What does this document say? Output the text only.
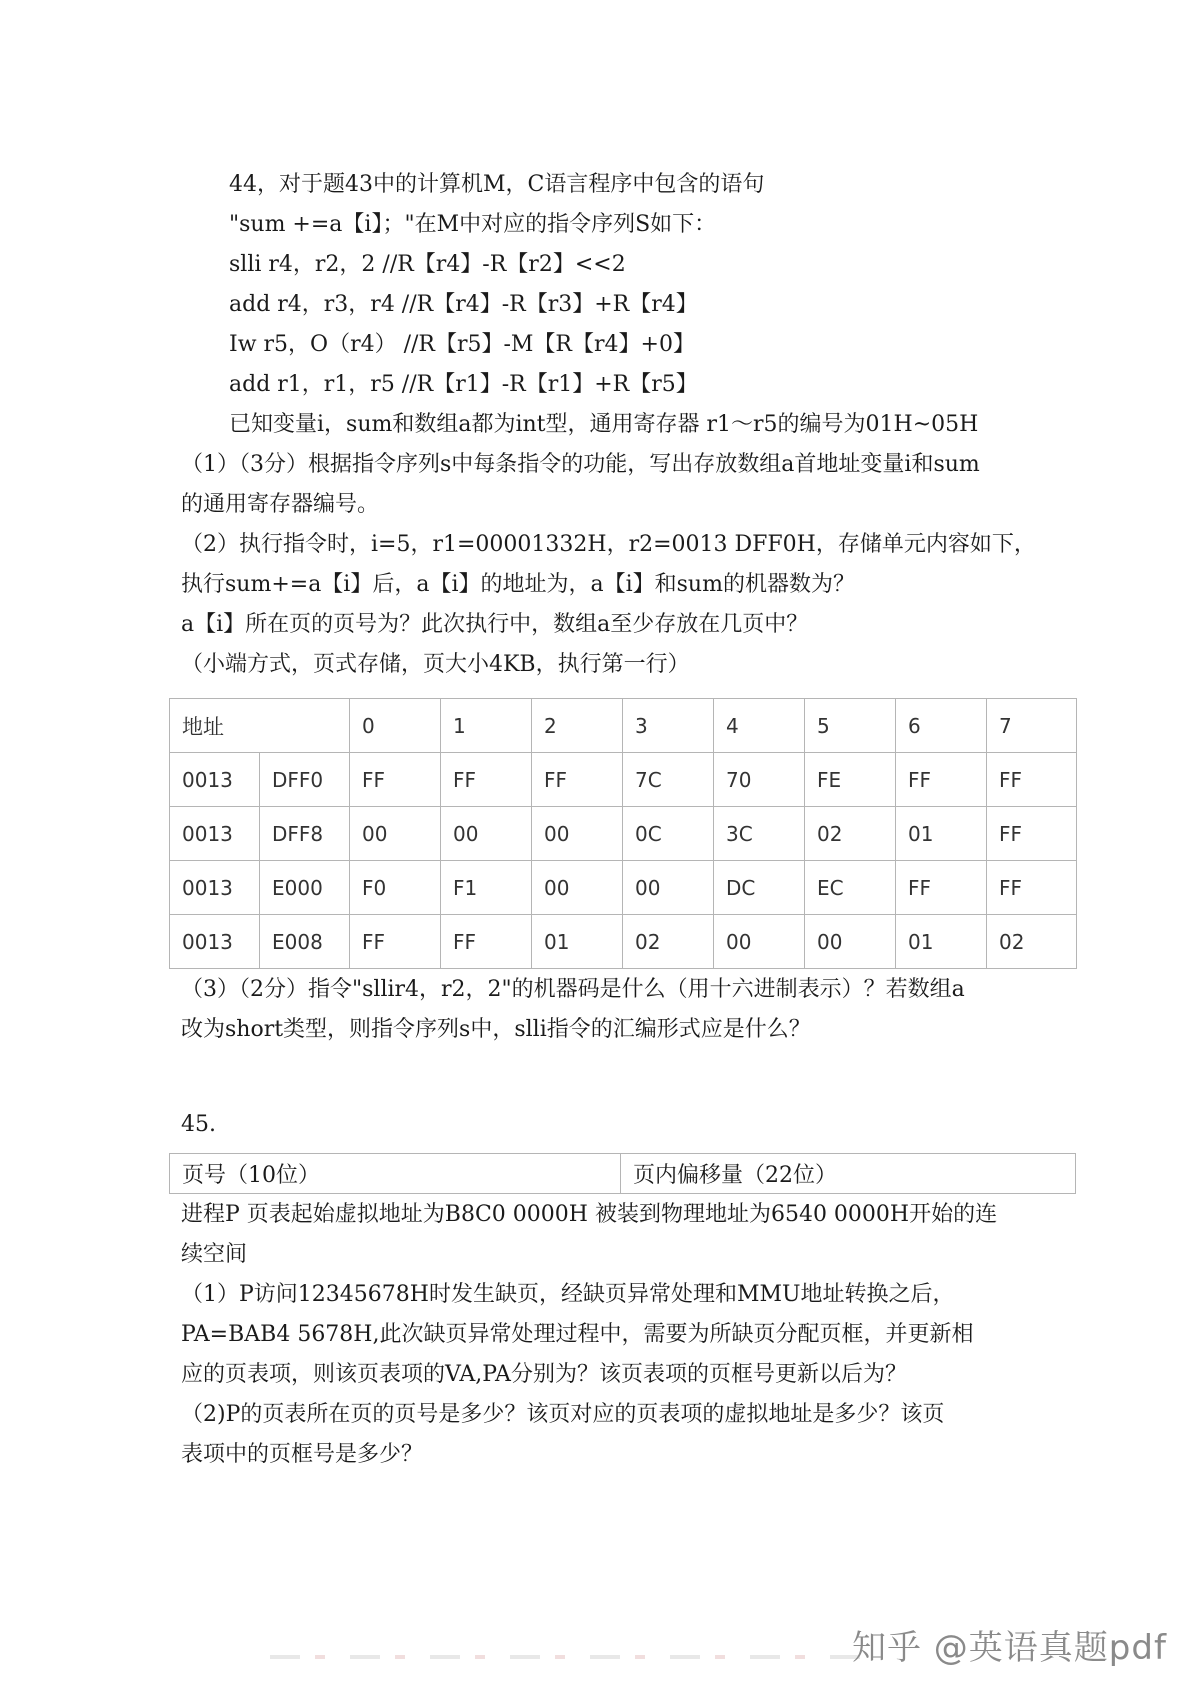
44，对于题43中的计算机M，C语言程序中包含的语句
"sum +=a【i】；"在M中对应的指令序列S如下：
slli r4，r2，2 //R【r4】-R【r2】<<2
add r4，r3，r4 //R【r4】-R【r3】+R【r4】
Iw r5，O（r4） //R【r5】-M【R【r4】+0】
add r1，r1，r5 //R【r1】-R【r1】+R【r5】
已知变量i，sum和数组a都为int型，通用寄存器 r1～r5的编号为01H~05H
（1）（3分）根据指令序列s中每条指令的功能，写出存放数组a首地址变量i和sum
的通用寄存器编号。
（2）执行指令时，i=5，r1=00001332H，r2=0013 DFF0H，存储单元内容如下，
执行sum+=a【i】后，a【i】的地址为，a【i】和sum的机器数为？
a【i】所在页的页号为？此次执行中，数组a至少存放在几页中？
（小端方式，页式存储，页大小4KB，执行第一行）
地址		0	1	2	3	4	5	6	7
0013	DFF0	FF	FF	FF	7C	70	FE	FF	FF
0013	DFF8	00	00	00	0C	3C	02	01	FF
0013	E000	F0	F1	00	00	DC	EC	FF	FF
0013	E008	FF	FF	01	02	00	00	01	02
（3）（2分）指令"sllir4，r2，2"的机器码是什么（用十六进制表示）？若数组a
改为short类型，则指令序列s中，slli指令的汇编形式应是什么？
45.
页号（10位）	页内偏移量（22位）
进程P 页表起始虚拟地址为B8C0 0000H 被装到物理地址为6540 0000H开始的连
续空间
（1）P访问12345678H时发生缺页，经缺页异常处理和MMU地址转换之后，
PA=BAB4 5678H,此次缺页异常处理过程中，需要为所缺页分配页框，并更新相
应的页表项，则该页表项的VA,PA分别为？该页表项的页框号更新以后为？
（2)P的页表所在页的页号是多少？该页对应的页表项的虚拟地址是多少？该页
表项中的页框号是多少？
知乎 @英语真题pdf
